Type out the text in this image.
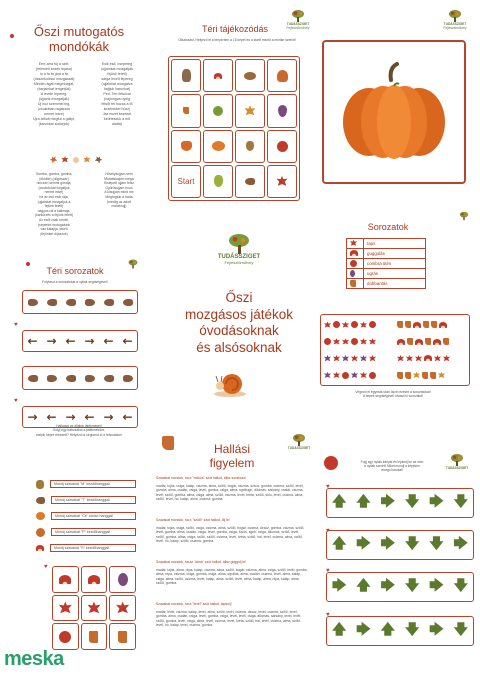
Őszi mutogatós
mondókák
Erre-arra fúj a szél,
(felemelt kezek fújása)
lo a fa fa járd a fa
(összekulcsol mozgással)
Minden ágat megmozgat,
(karjainkat lengetjük)
A levele lepereg.
(ujjaink mozgatják)
Új hoz szemmel leg,
(csukottan ragaszos
nemet intve)
Újra átfúdt megfut a gallyt,
(karunkat sodorjuk)
Esik eső, csepereg
(ujjainkat mozgatják
fejünk felett)
sárga levelt lepereg
(ujjainkat mozgatva
hajtjuk karunkat)
Peri, Teri felsóval
(hajlongva nyúlg
felsőt fel húzza a fő
kezéinkkel húzz)
Jaz eszét kezeket
beleteszük a mű
alatta)

Gomba, gomba, gomba,
(ökölbe) (dögészár)
nincsen semmi gondja,
(csukolokat forgatjuk
nemet intve)
ha az eső esik rája,
(ujjainkat mozgatjuk a
fejünk felett)
nagyos ral a kalimaja,
(karkörzés a fejünk felett)
Az esőt csak neveli,
(sepertre mutogatunk
van kalapja, tekeli
(fejünket díjázzuk)
Hüvelykujjam sem
Mutatiskajom mega
Kislépett ujjam felsz
Gyűrűsujjam hozó
A kisujjam mind me
Megfogtuk a hada
(mindig az adott
mutatóujj)
TUDÁSSZIGET
Fejlesztőműhely
Téri tájékozódás
Oldalozást. Helyezd el a tenyérben a 15 képet és a startt mezőt a mintán szerint!
Start
TUDÁSSZIGET
Fejlesztőműhely
Sorozatok
	taps
	guggolás
	combra ütés
	ugrás
	dobbantás
Végezd el egymás után őszin ezeket a sorozatokat!
A képek segítségével olvasd ki sorozatot!
Téri sorozatok
Folytasd a sorozatokat a nyilak segítségével!
♥
← → ← → ← ←
♥
→ ← → ← → ←
TUDÁSSZIGET
Fejlesztőműhely
Őszi
mozgásos játékok
óvodásoknak
és alsósoknak
Hallgasd az állatok játékmesét!
Golyj egy babzsákot a játékmezőre,
melyik képre érkezett? Helyezd ot cégumot el a felsodaton!
Mondj szavakat "M" kezdőhanggal!
Mondj szavakat "T" kezdőhanggal!
Mondj szavakat "Cs" utolsó hanggal!
Mondj szavakat "P" kezdőhanggal!
Mondj szavakat "S" kezdőhanggal!
♥
TUDÁSSZIGET
Hallási
figyelem
Szavakat mondok, ha a "mókus" szót hallod, állsz sorakozz!
madár, tojás, csiga, kalap, csizma, alma, szőlő, bogár, csizma, dzsúz, gomba, csizma, szőlő, levél, gomba, alma, csalán, csiga, levél, gomba, csiga, alma, ugribugri, állomás, sárkány, csalár, csizma, levél, szőlő, gomba, alma, csiga, alma, szőlő, csizma, levél, kréta, szőlő, sulu, levél, csizma, alma, szőlő, levél, hó, kalap, alma, csizma, gomba.
Szavakat mondok, ha a "szőlő" szót hallod, ülj le!
madár, tojás, csiga, szőlő, csiga, csizma, alma, szőlő, bogár, csizma, dzsúz, gomba, csizma, szőlő, levél, gomba, alma, csalán, csiga, levél, gomba, csiga, fúvós, sgrib, csiga, állomás, szőlő, levél, szőlő, gomba, alma, csiga, szőlő, szőlő, csizma, levél, kréta, szőlő, hal, levél, csizma, alma, szőlő, levél, hó, kalap, szőlő, csizma, gomba.
Szavakat mondok, ha az "alma" szót hallod, állsz guggolj le!
madár, tojás, alma, répa, kalap, csizma, alma, szőlő, bogár, csizma, alma, csiga, szőlő, levél, gomba, alma, répa, csizma, csiga, gomba, csiga, alma, ugrálás, alma, csalán, csizma, levél, alma, kalap, csiga, alma, szőlő, csizma, levél, kalap, alma, szőlő, levél, alma, kalap, alma, répa, kalap, alma, szőlő, gomba.
Szavakat mondok, ha a "levél" szót hallod, tapsolj!
madár, levél, csizma, kalap, levél, alma, szőlő, levél, csizma, dzsúz, levél, csizma, szőlő, levél, gomba, alma, csalán, csiga, levél, gomba, csiga, levél, levél, csiga, állomás, sárkány, levél, levél, szőlő, gomba, levél, csiga, alma, levél, csizma, levél, kréta, szőlő, hal, levél, csizma, alma, szőlő, levél, hó, kalap, levél, csizma, gomba.
TUDÁSSZIGET
Fogj egy nyilas kártyát és lépkedj be az utón
a nyilak szerint! Miket mondj a képeken
mozgó karokat!
♥
🡅 🡅 🡆 🡇 🡆 🡇
♥
🡅 🡆 🡆 🡇 🡇 🡆
♥
🡆 🡅 🡆 🡇 🡆 🡇
♥
🡅 🡆 🡅 🡇 🡆 🡇
meska
